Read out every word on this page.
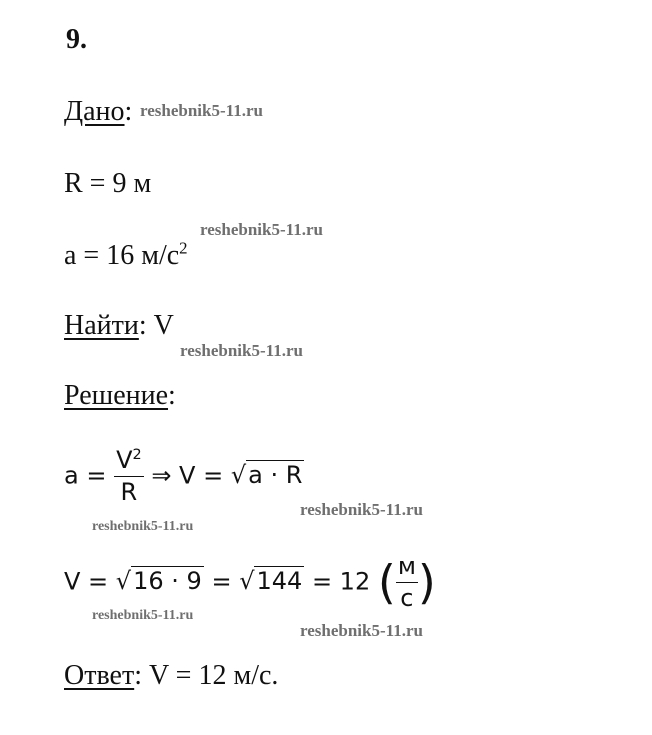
9.
Дано: reshebnik5-11.ru
R = 9 м
reshebnik5-11.ru
a = 16 $м/с^2$
Найти: V
reshebnik5-11.ru
Решение:
$a = \frac{V^2}{R}$ ⇒ V = √a · R
reshebnik5-11.ru
reshebnik5-11.ru
V = √16 · 9 = √144 = 12 ( $\frac{м}{с}$ )
reshebnik5-11.ru
reshebnik5-11.ru
Ответ: V = 12 м/с.
